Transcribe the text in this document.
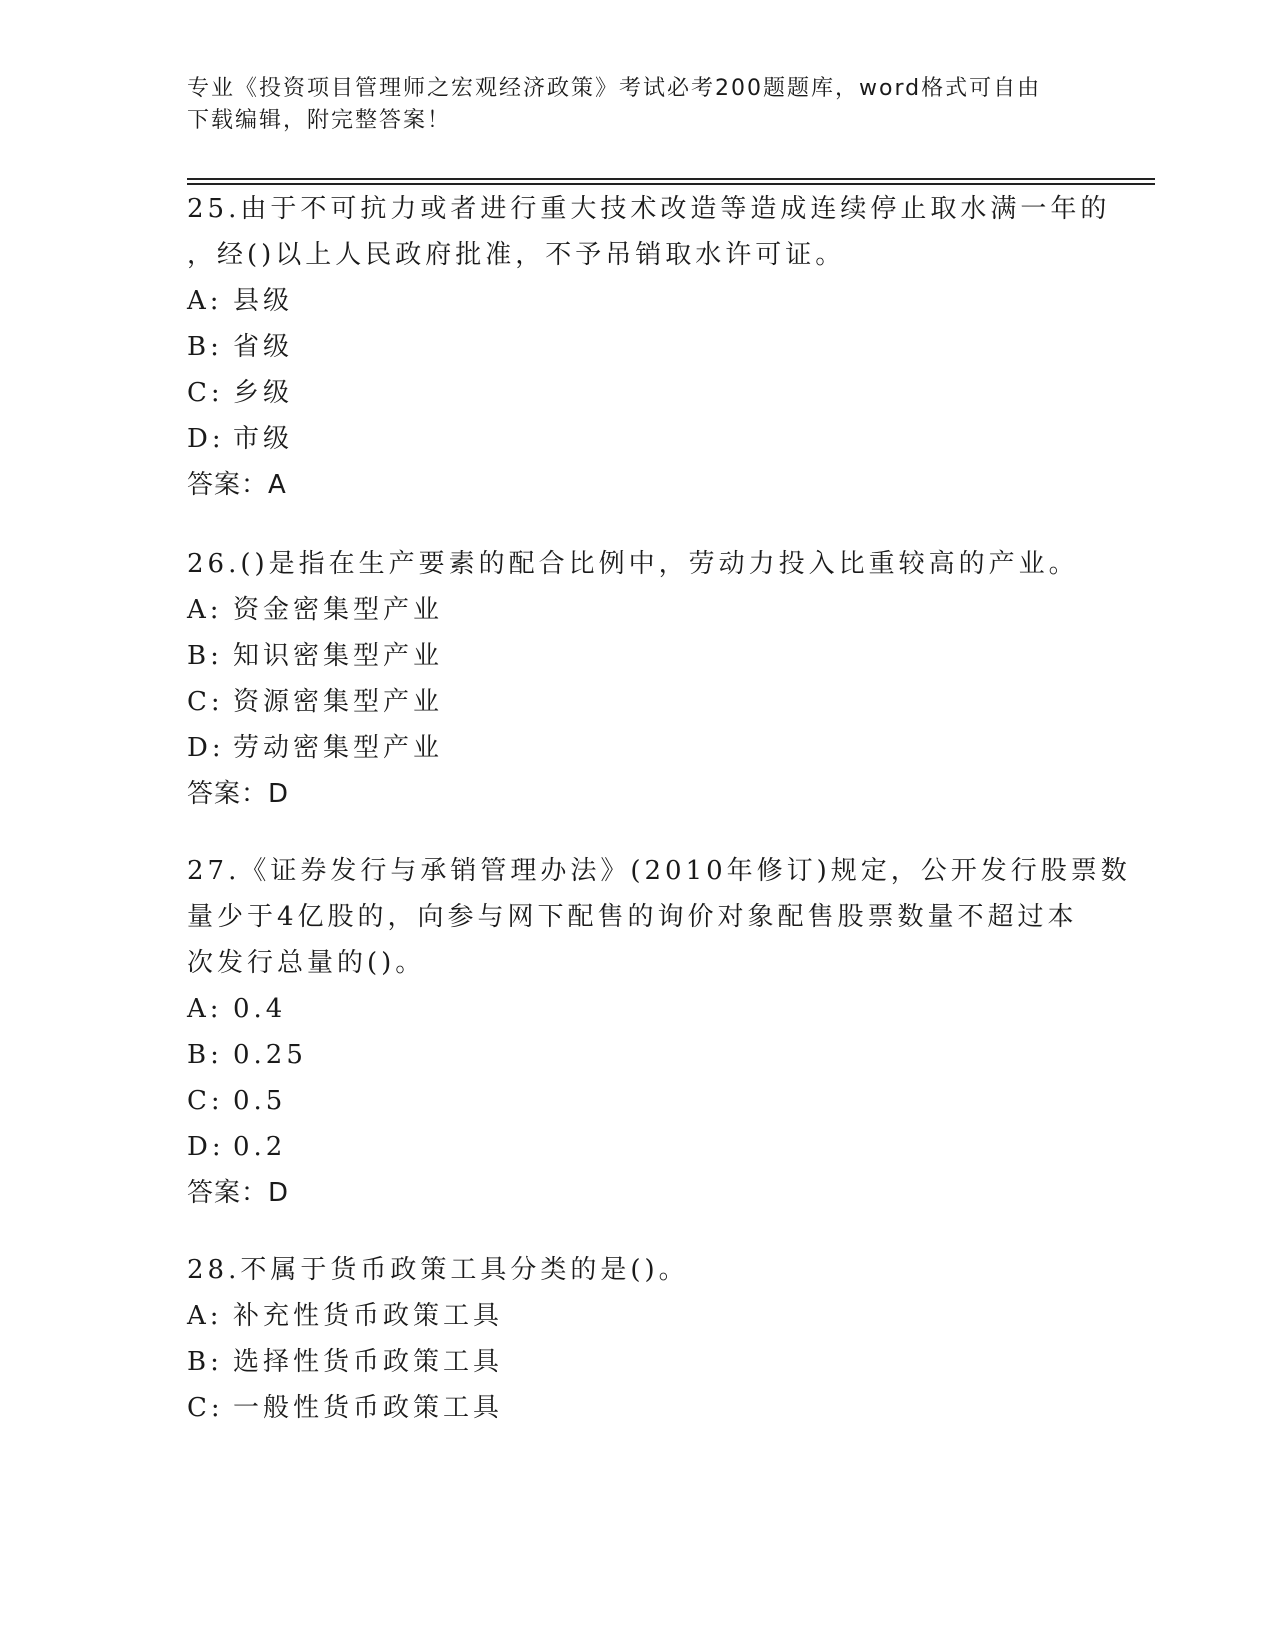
专业《投资项目管理师之宏观经济政策》考试必考200题题库，word格式可自由
下载编辑，附完整答案！
25.由于不可抗力或者进行重大技术改造等造成连续停止取水满一年的
，经()以上人民政府批准，不予吊销取水许可证。
A: 县级
B: 省级
C: 乡级
D: 市级
答案：A
26.()是指在生产要素的配合比例中，劳动力投入比重较高的产业。
A: 资金密集型产业
B: 知识密集型产业
C: 资源密集型产业
D: 劳动密集型产业
答案：D
27.《证券发行与承销管理办法》(2010年修订)规定，公开发行股票数
量少于4亿股的，向参与网下配售的询价对象配售股票数量不超过本
次发行总量的()。
A: 0.4
B: 0.25
C: 0.5
D: 0.2
答案：D
28.不属于货币政策工具分类的是()。
A: 补充性货币政策工具
B: 选择性货币政策工具
C: 一般性货币政策工具
